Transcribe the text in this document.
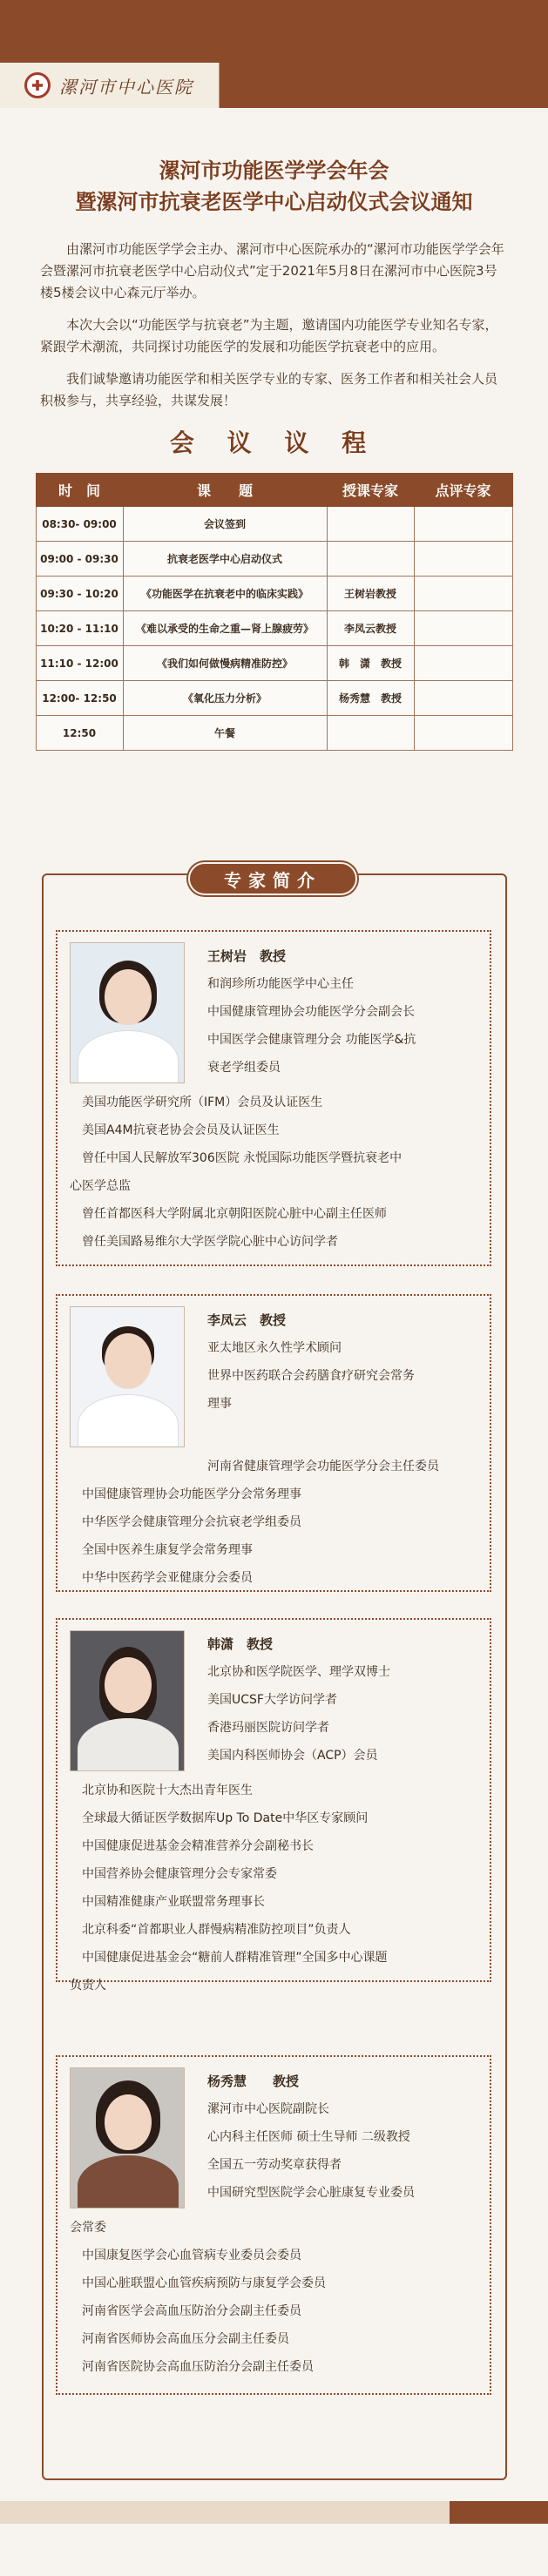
漯河市中心医院
漯河市功能医学学会年会
暨漯河市抗衰老医学中心启动仪式会议通知

由漯河市功能医学学会主办、漯河市中心医院承办的“漯河市功能医学学会年会暨漯河市抗衰老医学中心启动仪式”定于2021年5月8日在漯河市中心医院3号楼5楼会议中心森元厅举办。

本次大会以“功能医学与抗衰老”为主题，邀请国内功能医学专业知名专家，紧跟学术潮流，共同探讨功能医学的发展和功能医学抗衰老中的应用。

我们诚挚邀请功能医学和相关医学专业的专家、医务工作者和相关社会人员积极参与，共享经验，共谋发展！

会 议 议 程
时　间	课　　题	授课专家	点评专家
08:30- 09:00	会议签到		
09:00 - 09:30	抗衰老医学中心启动仪式		
09:30 - 10:20	《功能医学在抗衰老中的临床实践》	王树岩教授	
10:20 - 11:10	《难以承受的生命之重—肾上腺疲劳》	李凤云教授	
11:10 - 12:00	《我们如何做慢病精准防控》	韩　潇　教授	
12:00- 12:50	《氧化压力分析》	杨秀慧　教授	
12:50	午餐		
专家简介
王树岩　教授
和润珍所功能医学中心主任
中国健康管理协会功能医学分会副会长
中国医学会健康管理分会 功能医学&抗
衰老学组委员
美国功能医学研究所（IFM）会员及认证医生
美国A4M抗衰老协会会员及认证医生
曾任中国人民解放军306医院 永悦国际功能医学暨抗衰老中
心医学总监
曾任首都医科大学附属北京朝阳医院心脏中心副主任医师
曾任美国路易维尔大学医学院心脏中心访问学者
李凤云　教授
亚太地区永久性学术顾问
世界中医药联合会药膳食疗研究会常务
理事
河南省健康管理学会功能医学分会主任委员
中国健康管理协会功能医学分会常务理事
中华医学会健康管理分会抗衰老学组委员
全国中医养生康复学会常务理事
中华中医药学会亚健康分会委员
韩潇　教授
北京协和医学院医学、理学双博士
美国UCSF大学访问学者
香港玛丽医院访问学者
美国内科医师协会（ACP）会员
北京协和医院十大杰出青年医生
全球最大循证医学数据库Up To Date中华区专家顾问
中国健康促进基金会精准营养分会副秘书长
中国营养协会健康管理分会专家常委
中国精准健康产业联盟常务理事长
北京科委“首都职业人群慢病精准防控项目”负责人
中国健康促进基金会“糖前人群精准管理”全国多中心课题
负责人
杨秀慧　　教授
漯河市中心医院副院长
心内科主任医师 硕士生导师 二级教授
全国五一劳动奖章获得者
中国研究型医院学会心脏康复专业委员
会常委
中国康复医学会心血管病专业委员会委员
中国心脏联盟心血管疾病预防与康复学会委员
河南省医学会高血压防治分会副主任委员
河南省医师协会高血压分会副主任委员
河南省医院协会高血压防治分会副主任委员
